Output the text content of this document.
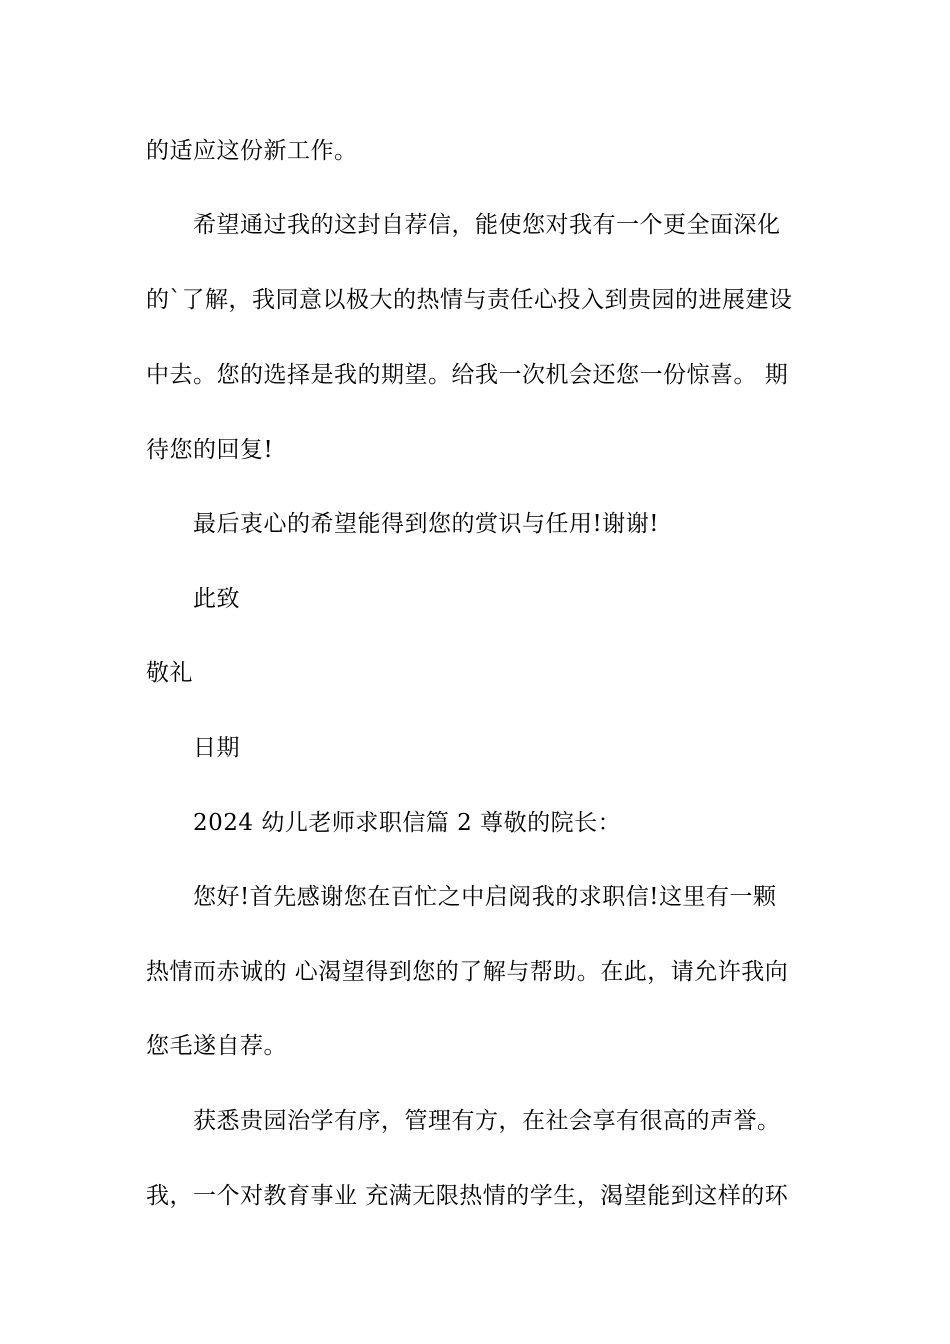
的适应这份新工作。
希望通过我的这封自荐信，能使您对我有一个更全面深化
的`了解，我同意以极大的热情与责任心投入到贵园的进展建设
中去。您的选择是我的期望。给我一次机会还您一份惊喜。 期
待您的回复!
最后衷心的希望能得到您的赏识与任用!谢谢!
此致
敬礼
日期
2024 幼儿老师求职信篇 2 尊敬的院长：
您好!首先感谢您在百忙之中启阅我的求职信!这里有一颗
热情而赤诚的 心渴望得到您的了解与帮助。在此，请允许我向
您毛遂自荐。
获悉贵园治学有序，管理有方，在社会享有很高的声誉。
我，一个对教育事业 充满无限热情的学生，渴望能到这样的环
